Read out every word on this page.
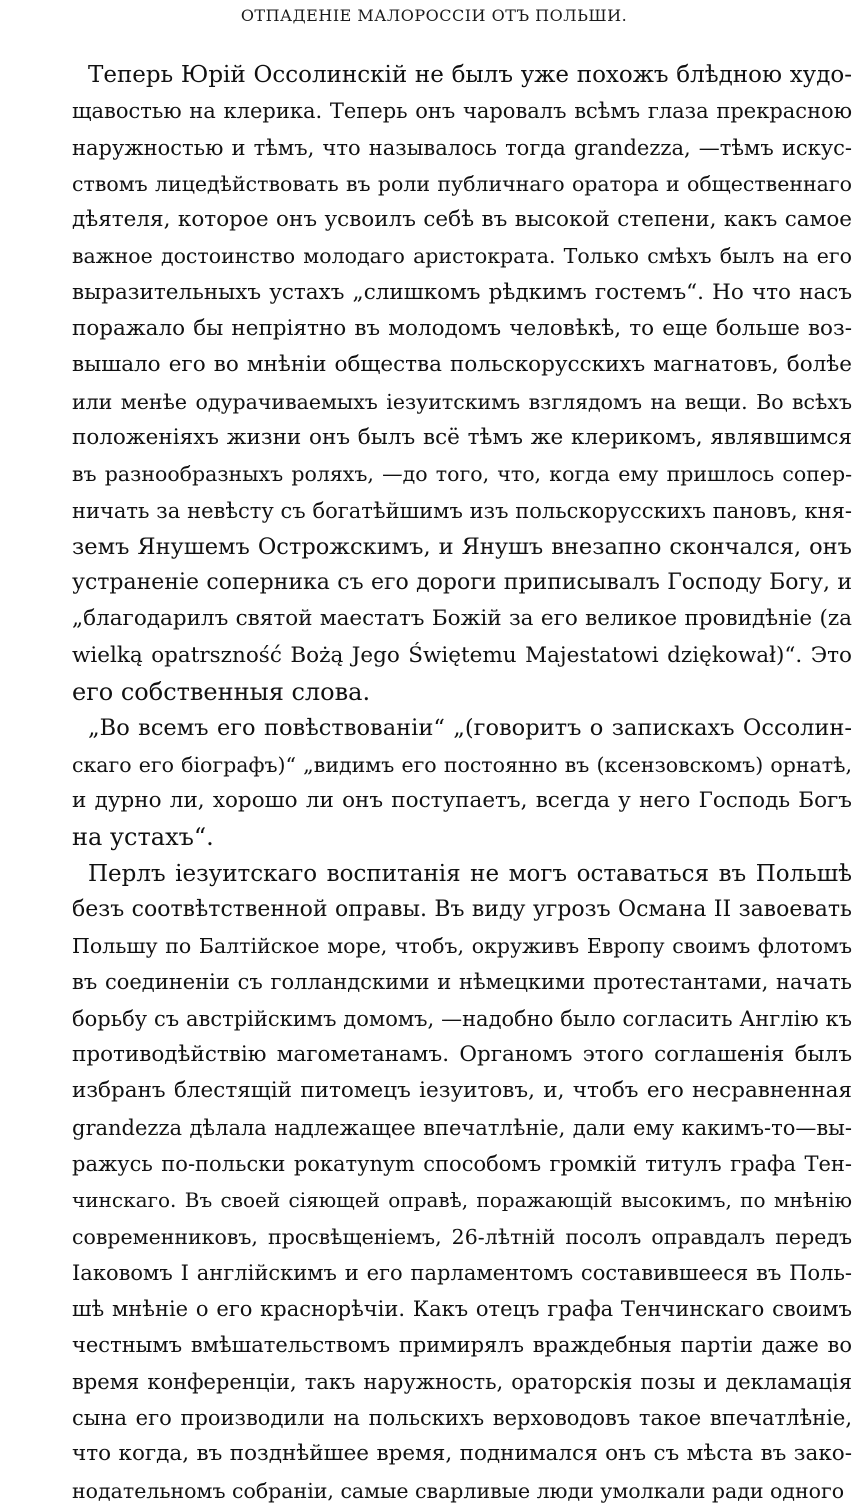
ОТПАДЕНІЕ МАЛОРОССІИ ОТЪ ПОЛЬШИ.
Теперь Юрій Оссолинскій не былъ уже похожъ блѣдною худо-
щавостью на клерика. Теперь онъ чаровалъ всѣмъ глаза прекрасною
наружностью и тѣмъ, что называлось тогда grandezza, —тѣмъ искус-
ствомъ лицедѣйствовать въ роли публичнаго оратора и общественнаго
дѣятеля, которое онъ усвоилъ себѣ въ высокой степени, какъ самое
важное достоинство молодаго аристократа. Только смѣхъ былъ на его
выразительныхъ устахъ „слишкомъ рѣдкимъ гостемъ“. Но что насъ
поражало бы непріятно въ молодомъ человѣкѣ, то еще больше воз-
вышало его во мнѣніи общества польскорусскихъ магнатовъ, болѣе
или менѣе одурачиваемыхъ іезуитскимъ взглядомъ на вещи. Во всѣхъ
положеніяхъ жизни онъ былъ всё тѣмъ же клерикомъ, являвшимся
въ разнообразныхъ роляхъ, —до того, что, когда ему пришлось сопер-
ничать за невѣсту съ богатѣйшимъ изъ польскорусскихъ пановъ, кня-
земъ Янушемъ Острожскимъ, и Янушъ внезапно скончался, онъ
устраненіе соперника съ его дороги приписывалъ Господу Богу, и
„благодарилъ святой маестатъ Божій за его великое провидѣніе (za
wielką opatrszność Bożą Jego Świętemu Majestatowi dziękował)“. Это
его собственныя слова.
„Во всемъ его повѣствованіи“ „(говоритъ о запискахъ Оссолин-
скаго его біографъ)“ „видимъ его постоянно въ (ксензовскомъ) орнатѣ,
и дурно ли, хорошо ли онъ поступаетъ, всегда у него Господь Богъ
на устахъ“.
Перлъ іезуитскаго воспитанія не могъ оставаться въ Польшѣ
безъ соотвѣтственной оправы. Въ виду угрозъ Османа II завоевать
Польшу по Балтійское море, чтобъ, окруживъ Европу своимъ флотомъ
въ соединеніи съ голландскими и нѣмецкими протестантами, начать
борьбу съ австрійскимъ домомъ, —надобно было согласить Англію къ
противодѣйствію магометанамъ. Органомъ этого соглашенія былъ
избранъ блестящій питомецъ іезуитовъ, и, чтобъ его несравненная
grandezza дѣлала надлежащее впечатлѣніе, дали ему какимъ-то—вы-
ражусь по-польски рокатуnym способомъ громкій титулъ графа Тен-
чинскаго. Въ своей сіяющей оправѣ, поражающій высокимъ, по мнѣнію
современниковъ, просвѣщеніемъ, 26-лѣтній посолъ оправдалъ передъ
Іаковомъ I англійскимъ и его парламентомъ составившееся въ Поль-
шѣ мнѣніе о его краснорѣчіи. Какъ отецъ графа Тенчинскаго своимъ
честнымъ вмѣшательствомъ примирялъ враждебныя партіи даже во
время конференціи, такъ наружность, ораторскія позы и декламація
сына его производили на польскихъ верховодовъ такое впечатлѣніе,
что когда, въ позднѣйшее время, поднимался онъ съ мѣста въ зако-
нодательномъ собраніи, самые сварливые люди умолкали ради одного
